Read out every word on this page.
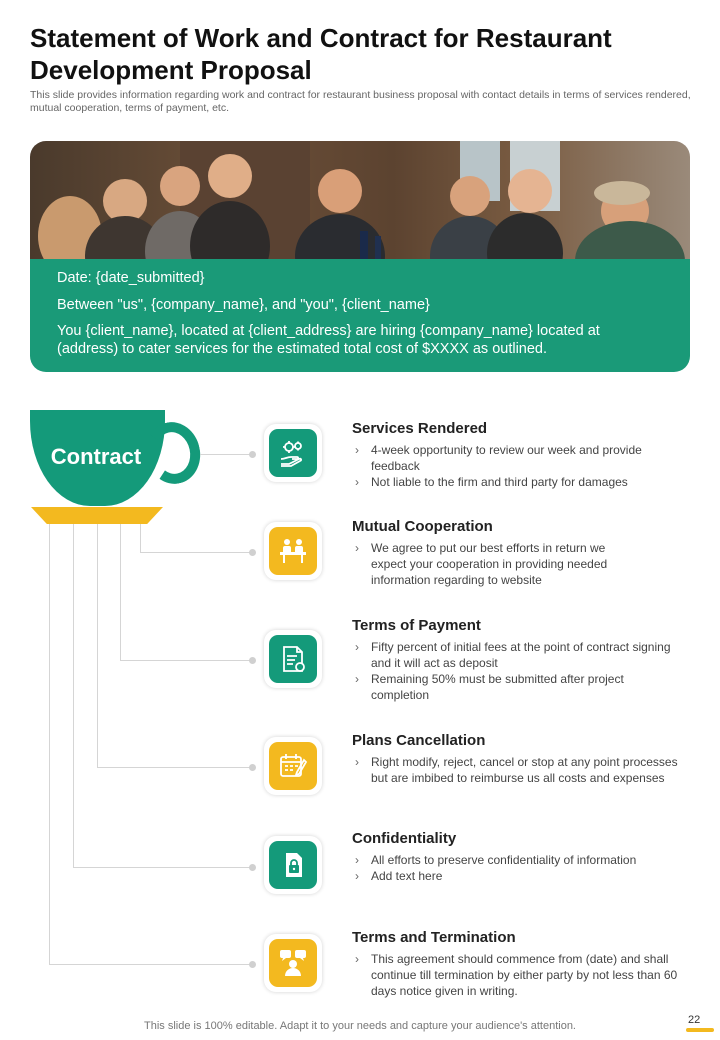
Statement of Work and Contract for Restaurant Development Proposal
This slide provides information regarding work and contract for restaurant business proposal with contact details in terms of services rendered, mutual cooperation, terms of payment, etc.

Date: {date_submitted}

Between "us", {company_name}, and "you", {client_name}

You {client_name}, located at {client_address} are hiring {company_name} located at (address) to cater services for the estimated total cost of $XXXX as outlined.

Contract
Services Rendered
› 4-week opportunity to review our week and provide feedback
› Not liable to the firm and third party for damages
Mutual Cooperation
› We agree to put our best efforts in return we expect your cooperation in providing needed information regarding to website
Terms of Payment
› Fifty percent of initial fees at the point of contract signing and it will act as deposit
› Remaining 50% must be submitted after project completion
Plans Cancellation
› Right modify, reject, cancel or stop at any point processes but are imbibed to reimburse us all costs and expenses
Confidentiality
› All efforts to preserve confidentiality of information
› Add text here
Terms and Termination
› This agreement should commence from (date) and shall continue till termination by either party by not less than 60 days notice given in writing.
This slide is 100% editable. Adapt it to your needs and capture your audience's attention.	22
